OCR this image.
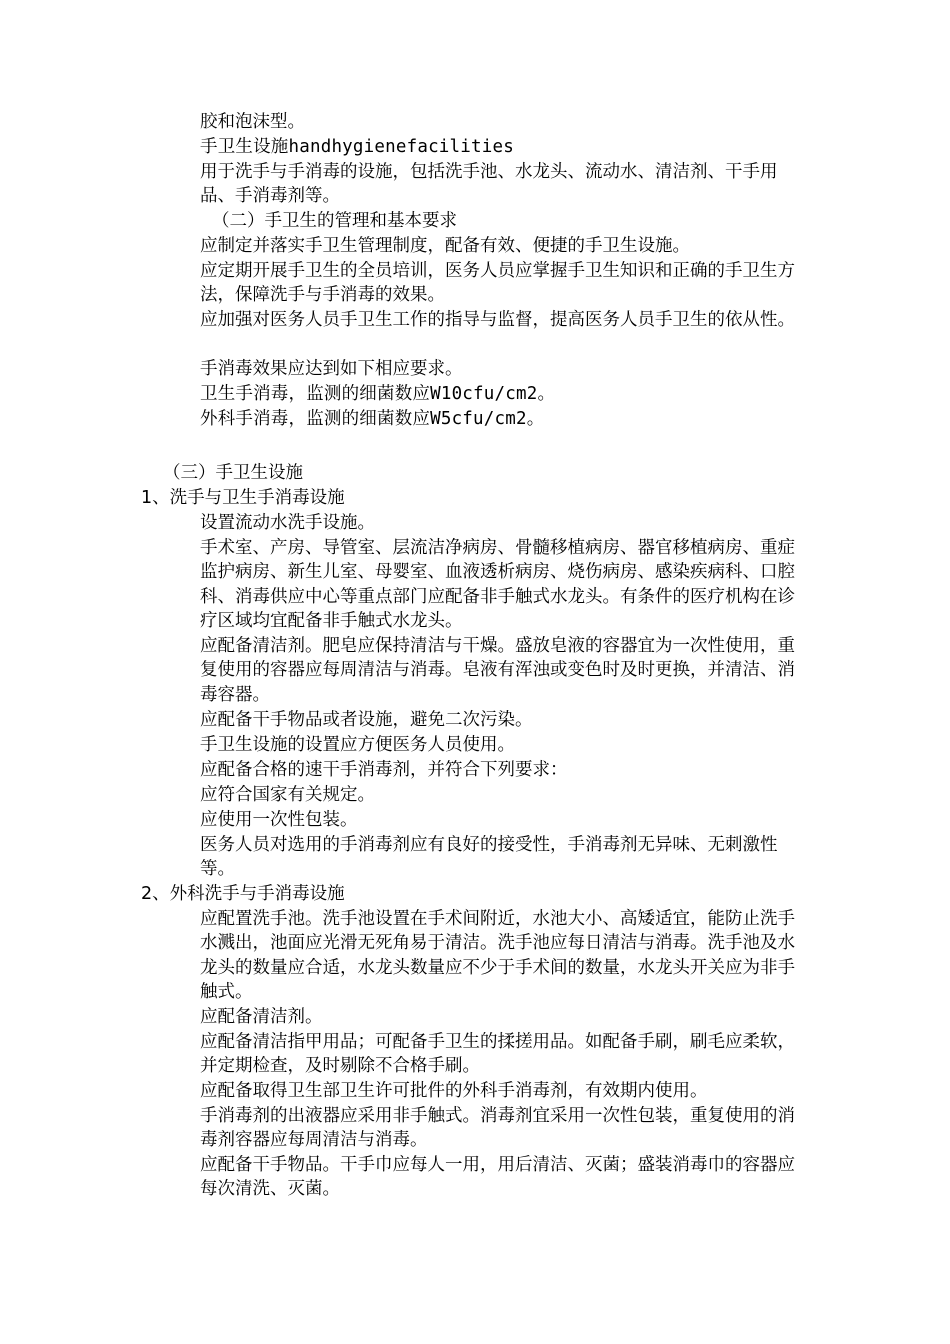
胶和泡沫型。

手卫生设施handhygienefacilities

用于洗手与手消毒的设施，包括洗手池、水龙头、流动水、清洁剂、干手用品、手消毒剂等。

（二）手卫生的管理和基本要求

应制定并落实手卫生管理制度，配备有效、便捷的手卫生设施。

应定期开展手卫生的全员培训，医务人员应掌握手卫生知识和正确的手卫生方法，保障洗手与手消毒的效果。

应加强对医务人员手卫生工作的指导与监督，提高医务人员手卫生的依从性。

手消毒效果应达到如下相应要求。

卫生手消毒，监测的细菌数应W10cfu/cm2。

外科手消毒，监测的细菌数应W5cfu/cm2。

（三）手卫生设施

1、洗手与卫生手消毒设施

设置流动水洗手设施。

手术室、产房、导管室、层流洁净病房、骨髓移植病房、器官移植病房、重症监护病房、新生儿室、母婴室、血液透析病房、烧伤病房、感染疾病科、口腔科、消毒供应中心等重点部门应配备非手触式水龙头。有条件的医疗机构在诊疗区域均宜配备非手触式水龙头。

应配备清洁剂。肥皂应保持清洁与干燥。盛放皂液的容器宜为一次性使用，重复使用的容器应每周清洁与消毒。皂液有浑浊或变色时及时更换，并清洁、消毒容器。

应配备干手物品或者设施，避免二次污染。

手卫生设施的设置应方便医务人员使用。

应配备合格的速干手消毒剂，并符合下列要求：

应符合国家有关规定。

应使用一次性包装。

医务人员对选用的手消毒剂应有良好的接受性，手消毒剂无异味、无刺激性等。

2、外科洗手与手消毒设施

应配置洗手池。洗手池设置在手术间附近，水池大小、高矮适宜，能防止洗手水溅出，池面应光滑无死角易于清洁。洗手池应每日清洁与消毒。洗手池及水龙头的数量应合适，水龙头数量应不少于手术间的数量，水龙头开关应为非手触式。

应配备清洁剂。

应配备清洁指甲用品；可配备手卫生的揉搓用品。如配备手刷，刷毛应柔软，并定期检查，及时剔除不合格手刷。

应配备取得卫生部卫生许可批件的外科手消毒剂，有效期内使用。

手消毒剂的出液器应采用非手触式。消毒剂宜采用一次性包装，重复使用的消毒剂容器应每周清洁与消毒。

应配备干手物品。干手巾应每人一用，用后清洁、灭菌；盛装消毒巾的容器应每次清洗、灭菌。
